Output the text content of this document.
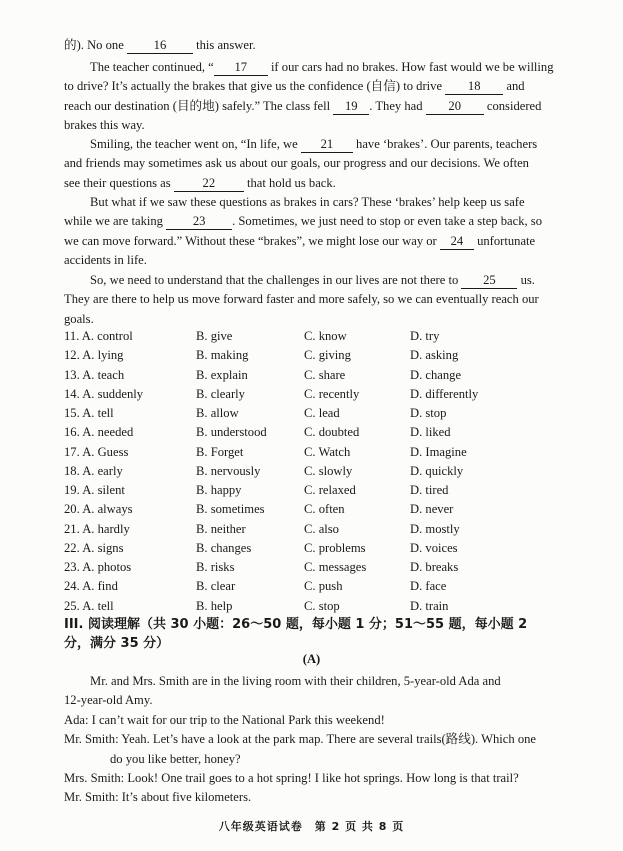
的). No one 16 this answer.
The teacher continued, “ 17 if our cars had no brakes. How fast would we be willing
to drive? It’s actually the brakes that give us the confidence (自信) to drive 18 and
reach our destination (目的地) safely.” The class fell 19 . They had 20 considered
brakes this way.
Smiling, the teacher went on, “In life, we 21 have ‘brakes’. Our parents, teachers
and friends may sometimes ask us about our goals, our progress and our decisions. We often
see their questions as	22	that hold us back.
But what if we saw these questions as brakes in cars? These ‘brakes’ help keep us safe
while we are taking 23 . Sometimes, we just need to stop or even take a step back, so
we can move forward.” Without these “brakes”, we might lose our way or 24 unfortunate
accidents in life.
So, we need to understand that the challenges in our lives are not there to 25 us.
They are there to help us move forward faster and more safely, so we can eventually reach our
goals.
11. A. control	B. give	C. know	D. try
12. A. lying	B. making	C. giving	D. asking
13. A. teach	B. explain	C. share	D. change
14. A. suddenly	B. clearly	C. recently	D. differently
15. A. tell	B. allow	C. lead	D. stop
16. A. needed	B. understood	C. doubted	D. liked
17. A. Guess	B. Forget	C. Watch	D. Imagine
18. A. early	B. nervously	C. slowly	D. quickly
19. A. silent	B. happy	C. relaxed	D. tired
20. A. always	B. sometimes	C. often	D. never
21. A. hardly	B. neither	C. also	D. mostly
22. A. signs	B. changes	C. problems	D. voices
23. A. photos	B. risks	C. messages	D. breaks
24. A. find	B. clear	C. push	D. face
25. A. tell	B. help	C. stop	D. train
III. 阅读理解（共 30 小题：26～50 题，每小题 1 分；51～55 题，每小题 2
分，满分 35 分）
(A)
Mr. and Mrs. Smith are in the living room with their children, 5-year-old Ada and
12-year-old Amy.
Ada: I can’t wait for our trip to the National Park this weekend!
Mr. Smith: Yeah. Let’s have a look at the park map. There are several trails(路线). Which one
do you like better, honey?
Mrs. Smith: Look! One trail goes to a hot spring! I like hot springs. How long is that trail?
Mr. Smith: It’s about five kilometers.
八年级英语试卷　第 2 页 共 8 页
